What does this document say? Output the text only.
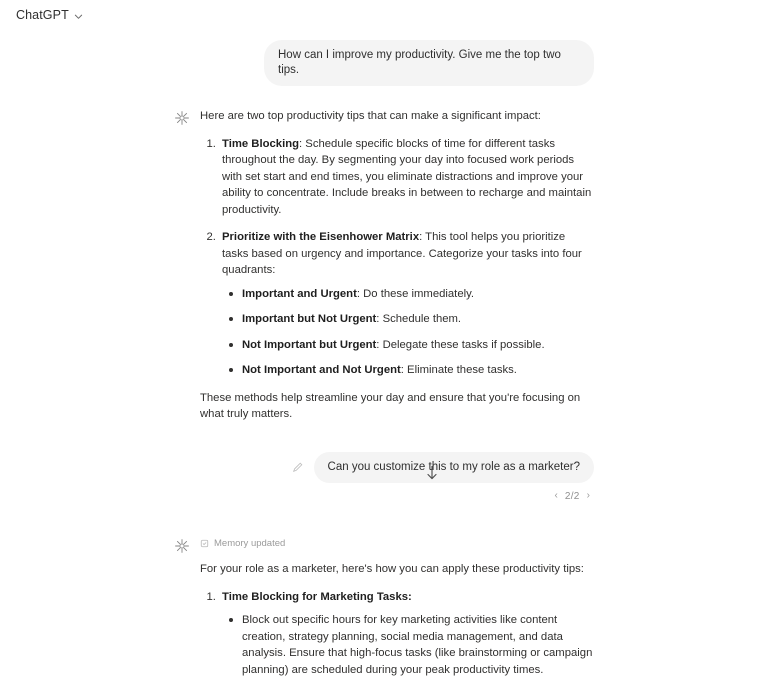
ChatGPT
How can I improve my productivity. Give me the top two tips.

Here are two top productivity tips that can make a significant impact:

1. Time Blocking: Schedule specific blocks of time for different tasks throughout the day. By segmenting your day into focused work periods with set start and end times, you eliminate distractions and improve your ability to concentrate. Include breaks in between to recharge and maintain productivity.
2. Prioritize with the Eisenhower Matrix: This tool helps you prioritize tasks based on urgency and importance. Categorize your tasks into four quadrants:
Important and Urgent: Do these immediately.
Important but Not Urgent: Schedule them.
Not Important but Urgent: Delegate these tasks if possible.
Not Important and Not Urgent: Eliminate these tasks.

These methods help streamline your day and ensure that you're focusing on what truly matters.

Can you customize this to my role as a marketer?
‹ 2/2 ›
Memory updated

For your role as a marketer, here's how you can apply these productivity tips:

1. Time Blocking for Marketing Tasks:
Block out specific hours for key marketing activities like content creation, strategy planning, social media management, and data analysis. Ensure that high-focus tasks (like brainstorming or campaign planning) are scheduled during your peak productivity times.
